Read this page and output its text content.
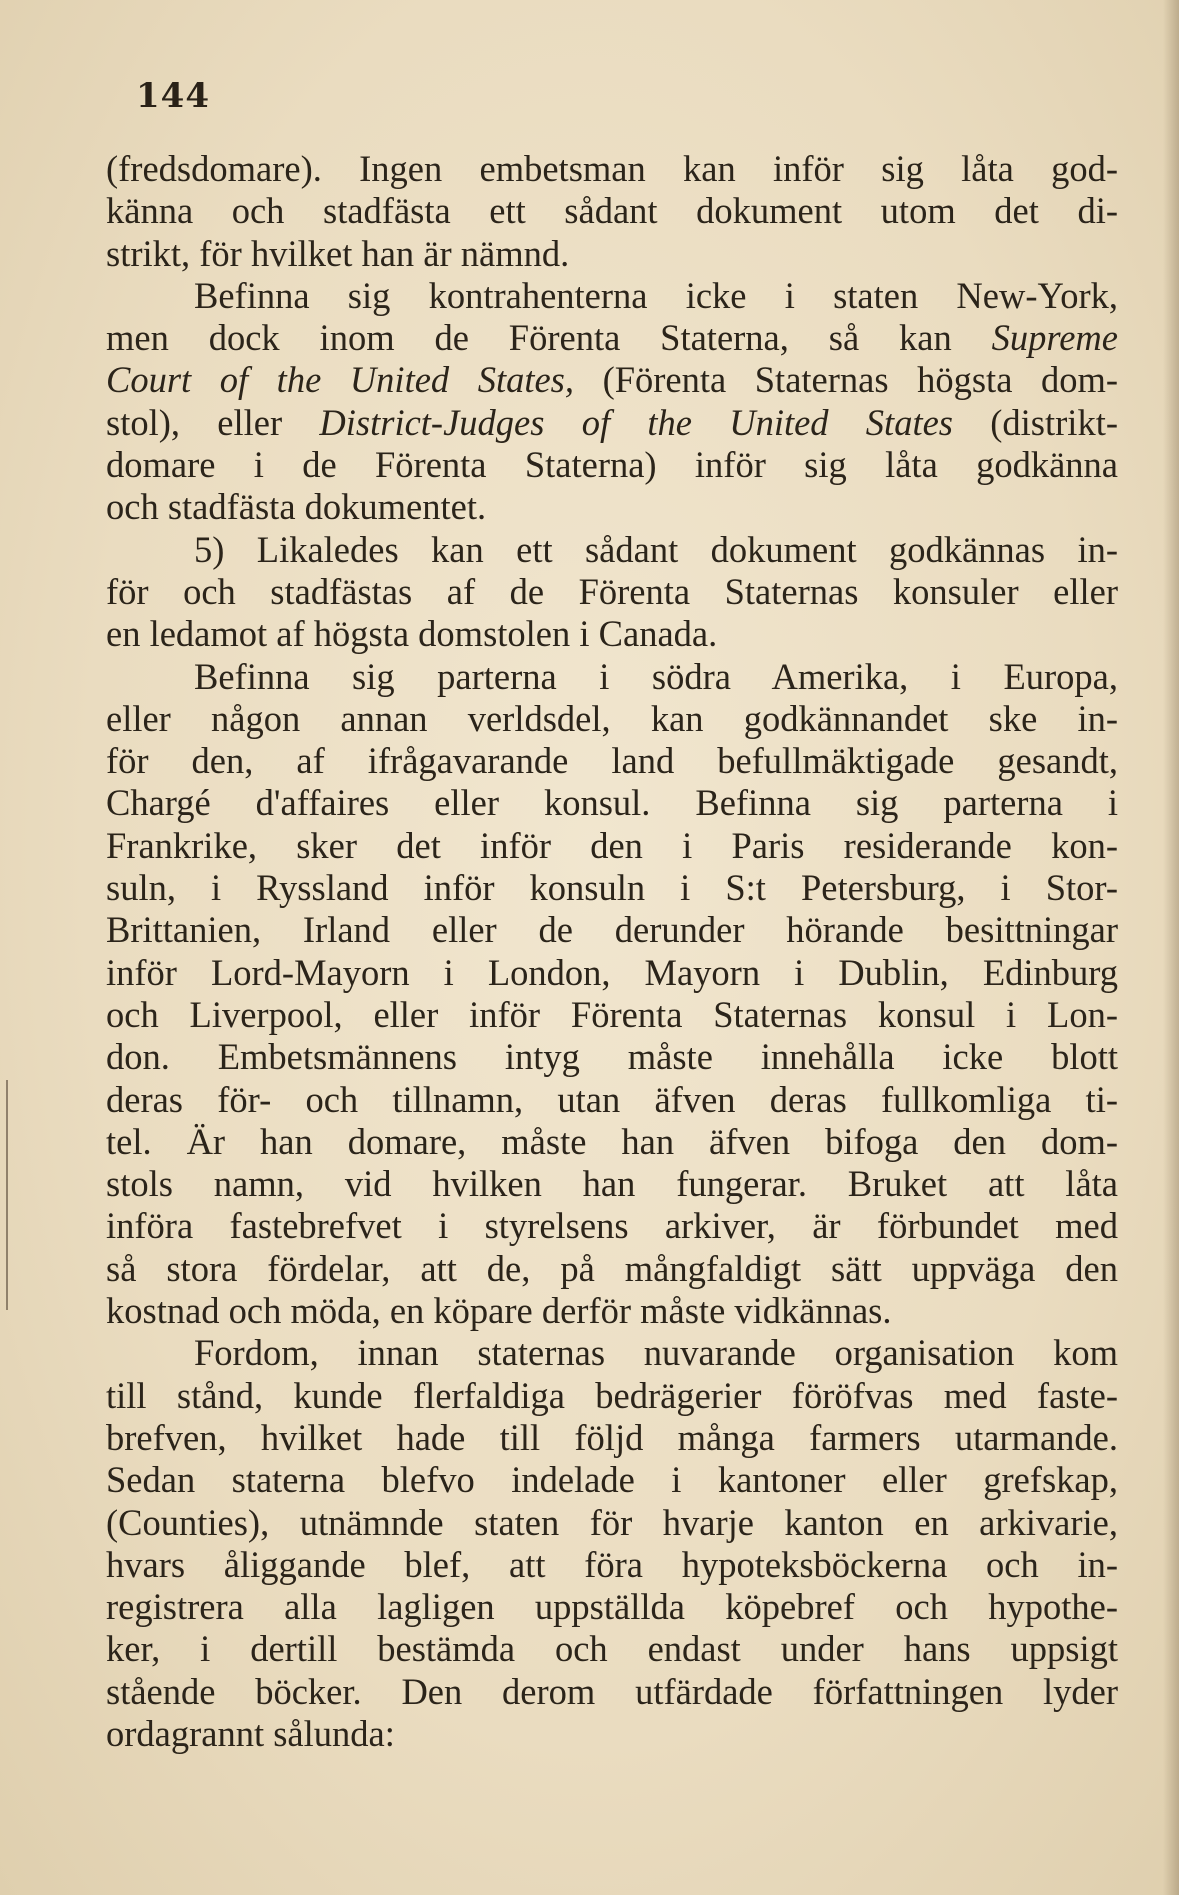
144
(fredsdomare). Ingen embetsman kan inför sig låta god-
känna och stadfästa ett sådant dokument utom det di-
strikt, för hvilket han är nämnd.
Befinna sig kontrahenterna icke i staten New-York,
men dock inom de Förenta Staterna, så kan Supreme
Court of the United States, (Förenta Staternas högsta dom-
stol), eller District-Judges of the United States (distrikt-
domare i de Förenta Staterna) inför sig låta godkänna
och stadfästa dokumentet.
5) Likaledes kan ett sådant dokument godkännas in-
för och stadfästas af de Förenta Staternas konsuler eller
en ledamot af högsta domstolen i Canada.
Befinna sig parterna i södra Amerika, i Europa,
eller någon annan verldsdel, kan godkännandet ske in-
för den, af ifrågavarande land befullmäktigade gesandt,
Chargé d'affaires eller konsul. Befinna sig parterna i
Frankrike, sker det inför den i Paris residerande kon-
suln, i Ryssland inför konsuln i S:t Petersburg, i Stor-
Brittanien, Irland eller de derunder hörande besittningar
inför Lord-Mayorn i London, Mayorn i Dublin, Edinburg
och Liverpool, eller inför Förenta Staternas konsul i Lon-
don. Embetsmännens intyg måste innehålla icke blott
deras för- och tillnamn, utan äfven deras fullkomliga ti-
tel. Är han domare, måste han äfven bifoga den dom-
stols namn, vid hvilken han fungerar. Bruket att låta
införa fastebrefvet i styrelsens arkiver, är förbundet med
så stora fördelar, att de, på mångfaldigt sätt uppväga den
kostnad och möda, en köpare derför måste vidkännas.
Fordom, innan staternas nuvarande organisation kom
till stånd, kunde flerfaldiga bedrägerier föröfvas med faste-
brefven, hvilket hade till följd många farmers utarmande.
Sedan staterna blefvo indelade i kantoner eller grefskap,
(Counties), utnämnde staten för hvarje kanton en arkivarie,
hvars åliggande blef, att föra hypoteksböckerna och in-
registrera alla lagligen uppställda köpebref och hypothe-
ker, i dertill bestämda och endast under hans uppsigt
stående böcker. Den derom utfärdade författningen lyder
ordagrannt sålunda:
